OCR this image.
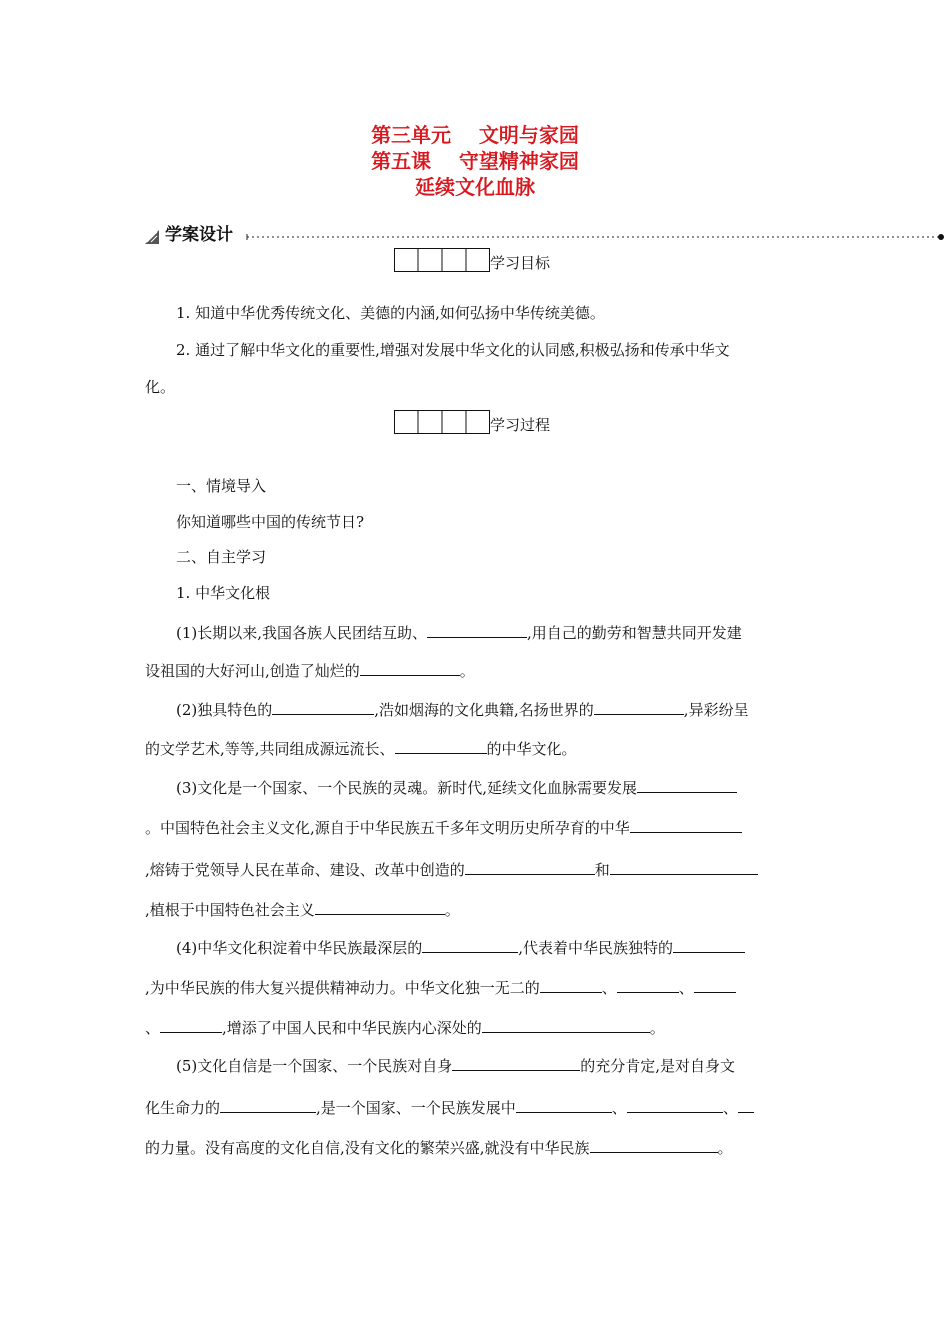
第三单元    文明与家园
第五课    守望精神家园
延续文化血脉
学案设计
学习目标
1. 知道中华优秀传统文化、美德的内涵,如何弘扬中华传统美德。
2. 通过了解中华文化的重要性,增强对发展中华文化的认同感,积极弘扬和传承中华文
化。
学习过程
一、情境导入
你知道哪些中国的传统节日?
二、自主学习
1. 中华文化根
(1)长期以来,我国各族人民团结互助、	,用自己的勤劳和智慧共同开发建
设祖国的大好河山,创造了灿烂的	。
(2)独具特色的	,浩如烟海的文化典籍,名扬世界的	,异彩纷呈
的文学艺术,等等,共同组成源远流长、	的中华文化。
(3)文化是一个国家、一个民族的灵魂。新时代,延续文化血脉需要发展
。中国特色社会主义文化,源自于中华民族五千多年文明历史所孕育的中华
,熔铸于党领导人民在革命、建设、改革中创造的	和
,植根于中国特色社会主义	。
(4)中华文化积淀着中华民族最深层的	,代表着中华民族独特的
,为中华民族的伟大复兴提供精神动力。中华文化独一无二的	、	、
、	,增添了中国人民和中华民族内心深处的	。
(5)文化自信是一个国家、一个民族对自身	的充分肯定,是对自身文
化生命力的	,是一个国家、一个民族发展中	、	、
的力量。没有高度的文化自信,没有文化的繁荣兴盛,就没有中华民族	。
